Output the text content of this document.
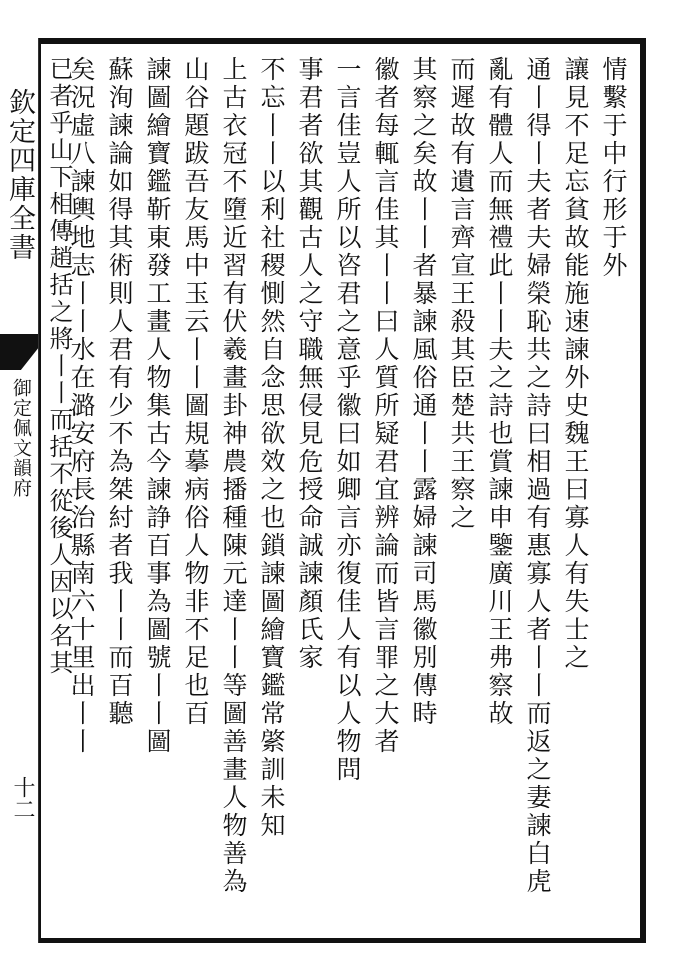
欽定四庫全書
御定佩文韻府
十二
情繫于中行形于外
讓見不足忘貧故能施速諫外史魏王曰寡人有失士之
通丨得丨夫者夫婦榮恥共之詩曰相過有惠寡人者丨丨而返之妻諫白虎
亂有體人而無禮此丨丨夫之詩也賞諫申鑒廣川王弗察故
而遲故有遺言齊宣王殺其臣楚共王察之
其察之矣故丨丨者暴諫風俗通丨丨露婦諫司馬徽別傳時
徽者每輒言佳其丨丨曰人質所疑君宜辨論而皆言罪之大者
一言佳豈人所以咨君之意乎徽曰如卿言亦復佳人有以人物問
事君者欲其觀古人之守職無侵見危授命誠諫顏氏家
不忘丨丨以利社稷惻然自念思欲效之也鎖諫圖繪寶鑑常綮訓未知
上古衣冠不墮近習有伏羲畫卦神農播種陳元達丨丨等圖善畫人物善為
山谷題跋吾友馬中玉云丨丨圖規摹病俗人物非不足也百
諫圖繪寶鑑靳東發工畫人物集古今諫諍百事為圖號丨丨圖
蘇洵諫論如得其術則人君有少不為桀紂者我丨丨而百聽
矣況虛八諫輿地志丨丨水在潞安府長治縣南六十里出丨丨
已者乎山下相傳趙括之將丨丨而括不從後人因以名其
